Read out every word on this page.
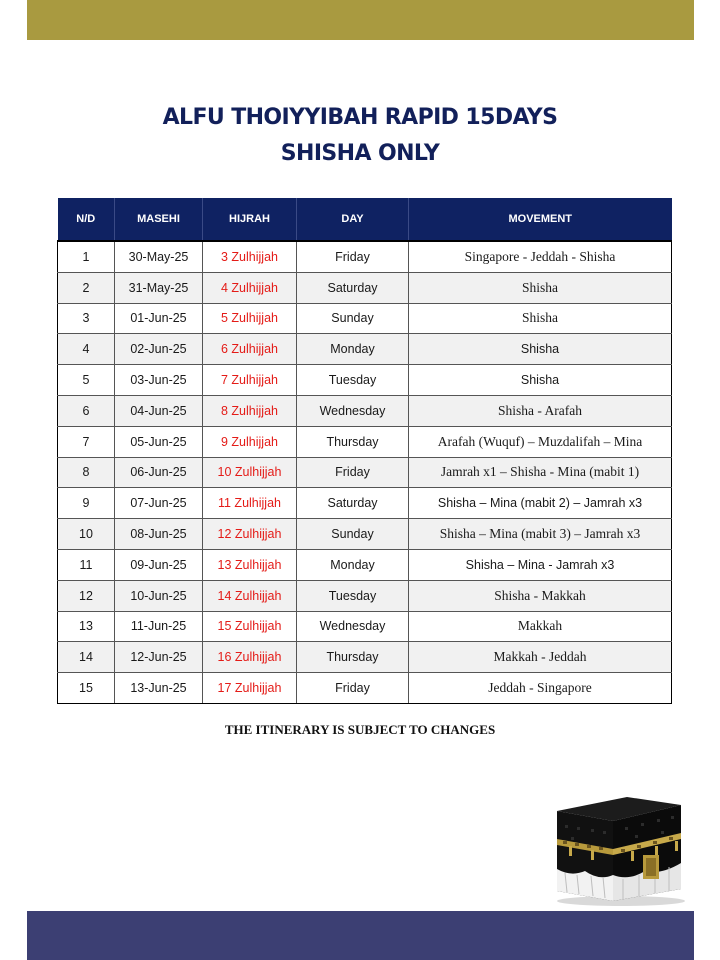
ALFU THOIYYIBAH RAPID 15DAYS
SHISHA ONLY
N/D	MASEHI	HIJRAH	DAY	MOVEMENT
1	30-May-25	3 Zulhijjah	Friday	Singapore - Jeddah - Shisha
2	31-May-25	4 Zulhijjah	Saturday	Shisha
3	01-Jun-25	5 Zulhijjah	Sunday	Shisha
4	02-Jun-25	6 Zulhijjah	Monday	Shisha
5	03-Jun-25	7 Zulhijjah	Tuesday	Shisha
6	04-Jun-25	8 Zulhijjah	Wednesday	Shisha - Arafah
7	05-Jun-25	9 Zulhijjah	Thursday	Arafah (Wuquf) – Muzdalifah – Mina
8	06-Jun-25	10 Zulhijjah	Friday	Jamrah x1 – Shisha - Mina (mabit 1)
9	07-Jun-25	11 Zulhijjah	Saturday	Shisha – Mina (mabit 2) – Jamrah x3
10	08-Jun-25	12 Zulhijjah	Sunday	Shisha – Mina (mabit 3) – Jamrah x3
11	09-Jun-25	13 Zulhijjah	Monday	Shisha – Mina - Jamrah x3
12	10-Jun-25	14 Zulhijjah	Tuesday	Shisha - Makkah
13	11-Jun-25	15 Zulhijjah	Wednesday	Makkah
14	12-Jun-25	16 Zulhijjah	Thursday	Makkah - Jeddah
15	13-Jun-25	17 Zulhijjah	Friday	Jeddah - Singapore
THE ITINERARY IS SUBJECT TO CHANGES
